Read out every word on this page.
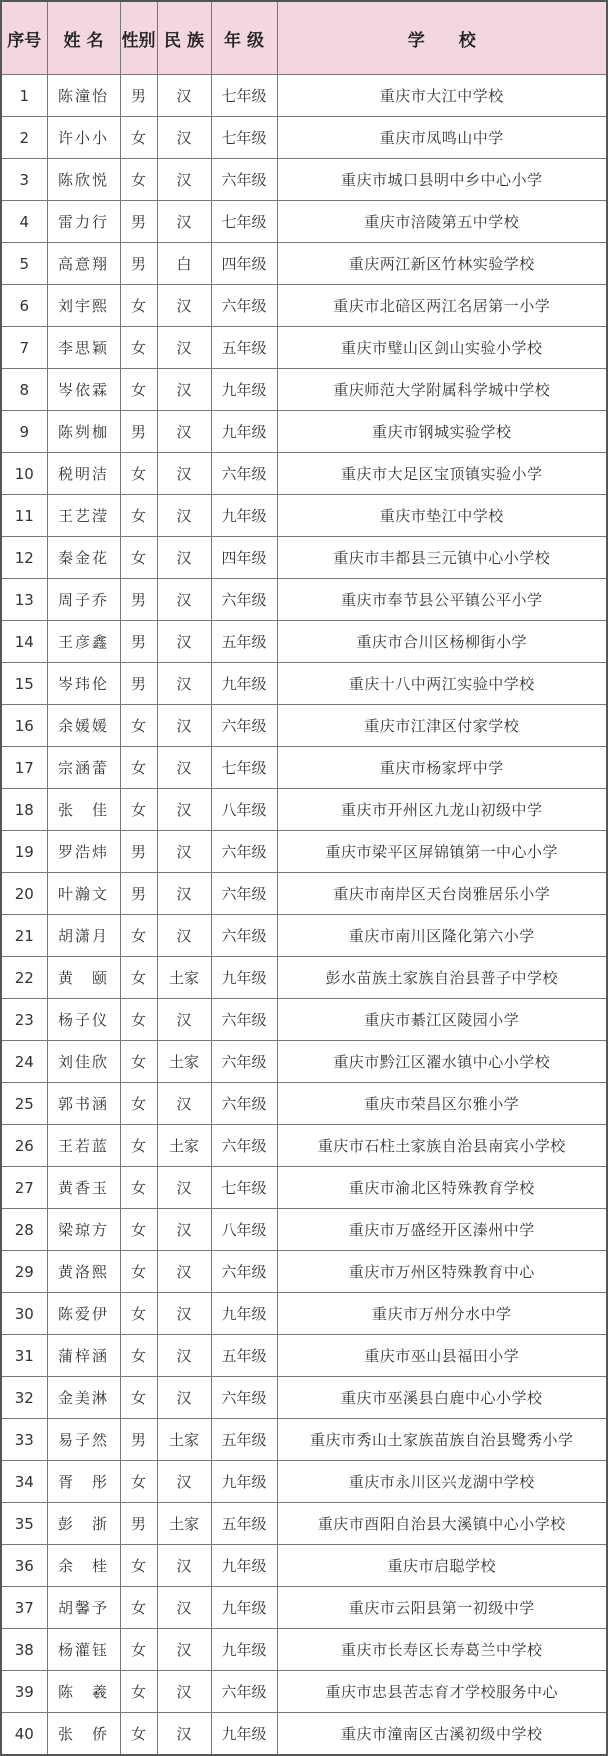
序号	姓 名	性别	民 族	年 级	学　　校
1	陈潼怡	男	汉	七年级	重庆市大江中学校
2	许小小	女	汉	七年级	重庆市凤鸣山中学
3	陈欣悦	女	汉	六年级	重庆市城口县明中乡中心小学
4	雷力行	男	汉	七年级	重庆市涪陵第五中学校
5	高意翔	男	白	四年级	重庆两江新区竹林实验学校
6	刘宇熙	女	汉	六年级	重庆市北碚区两江名居第一小学
7	李思颖	女	汉	五年级	重庆市璧山区剑山实验小学校
8	岑依霖	女	汉	九年级	重庆师范大学附属科学城中学校
9	陈刿枷	男	汉	九年级	重庆市钢城实验学校
10	税明洁	女	汉	六年级	重庆市大足区宝顶镇实验小学
11	王艺滢	女	汉	九年级	重庆市垫江中学校
12	秦金花	女	汉	四年级	重庆市丰都县三元镇中心小学校
13	周子乔	男	汉	六年级	重庆市奉节县公平镇公平小学
14	王彦鑫	男	汉	五年级	重庆市合川区杨柳街小学
15	岑玮伦	男	汉	九年级	重庆十八中两江实验中学校
16	余媛媛	女	汉	六年级	重庆市江津区付家学校
17	宗涵蕾	女	汉	七年级	重庆市杨家坪中学
18	张　佳	女	汉	八年级	重庆市开州区九龙山初级中学
19	罗浩炜	男	汉	六年级	重庆市梁平区屏锦镇第一中心小学
20	叶瀚文	男	汉	六年级	重庆市南岸区天台岗雅居乐小学
21	胡潇月	女	汉	六年级	重庆市南川区隆化第六小学
22	黄　颐	女	土家	九年级	彭水苗族土家族自治县普子中学校
23	杨子仪	女	汉	六年级	重庆市綦江区陵园小学
24	刘佳欣	女	土家	六年级	重庆市黔江区濯水镇中心小学校
25	郭书涵	女	汉	六年级	重庆市荣昌区尔雅小学
26	王若蓝	女	土家	六年级	重庆市石柱土家族自治县南宾小学校
27	黄香玉	女	汉	七年级	重庆市渝北区特殊教育学校
28	梁琼方	女	汉	八年级	重庆市万盛经开区溱州中学
29	黄洛熙	女	汉	六年级	重庆市万州区特殊教育中心
30	陈爱伊	女	汉	九年级	重庆市万州分水中学
31	蒲梓涵	女	汉	五年级	重庆市巫山县福田小学
32	金美淋	女	汉	六年级	重庆市巫溪县白鹿中心小学校
33	易子然	男	土家	五年级	重庆市秀山土家族苗族自治县鹭秀小学
34	胥　彤	女	汉	九年级	重庆市永川区兴龙湖中学校
35	彭　浙	男	土家	五年级	重庆市酉阳自治县大溪镇中心小学校
36	余　桂	女	汉	九年级	重庆市启聪学校
37	胡馨予	女	汉	九年级	重庆市云阳县第一初级中学
38	杨灌钰	女	汉	九年级	重庆市长寿区长寿葛兰中学校
39	陈　羲	女	汉	六年级	重庆市忠县苦志育才学校服务中心
40	张　侨	女	汉	九年级	重庆市潼南区古溪初级中学校
